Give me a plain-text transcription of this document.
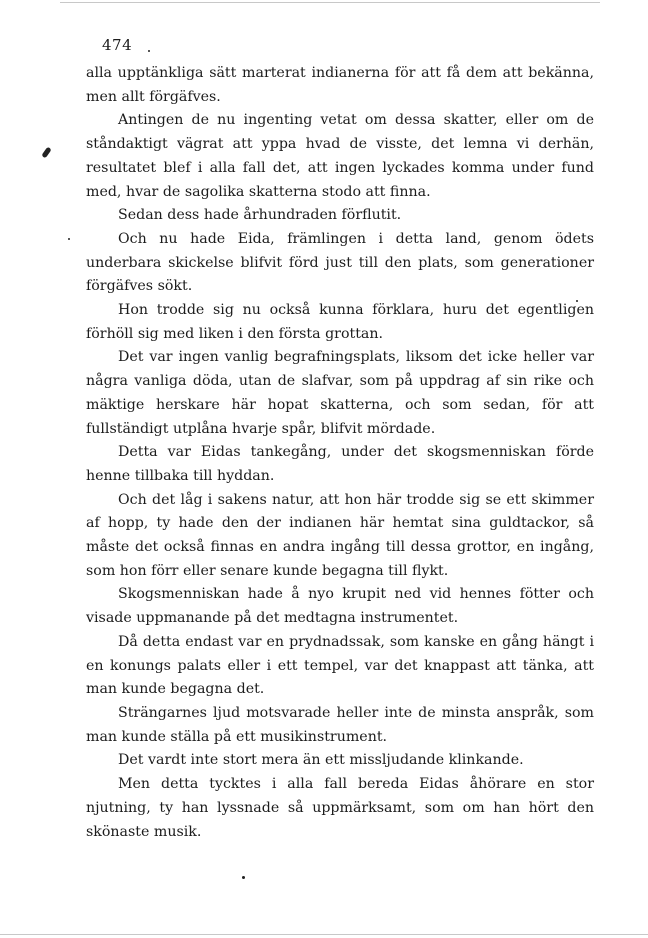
474

alla upptänkliga sätt marterat indianerna för att få dem att bekänna, men allt förgäfves.

Antingen de nu ingenting vetat om dessa skatter, eller om de ståndaktigt vägrat att yppa hvad de visste, det lemna vi derhän, resultatet blef i alla fall det, att ingen lyckades komma under fund med, hvar de sagolika skatterna stodo att finna.

Sedan dess hade århundraden förflutit.

Och nu hade Eida, främlingen i detta land, genom ödets underbara skickelse blifvit förd just till den plats, som generationer förgäfves sökt.

Hon trodde sig nu också kunna förklara, huru det egentligen förhöll sig med liken i den första grottan.

Det var ingen vanlig begrafningsplats, liksom det icke heller var några vanliga döda, utan de slafvar, som på uppdrag af sin rike och mäktige herskare här hopat skatterna, och som sedan, för att fullständigt utplåna hvarje spår, blifvit mördade.

Detta var Eidas tankegång, under det skogsmenniskan förde henne tillbaka till hyddan.

Och det låg i sakens natur, att hon här trodde sig se ett skimmer af hopp, ty hade den der indianen här hemtat sina guldtackor, så måste det också finnas en andra ingång till dessa grottor, en ingång, som hon förr eller senare kunde begagna till flykt.

Skogsmenniskan hade å nyo krupit ned vid hennes fötter och visade uppmanande på det medtagna instrumentet.

Då detta endast var en prydnadssak, som kanske en gång hängt i en konungs palats eller i ett tempel, var det knappast att tänka, att man kunde begagna det.

Strängarnes ljud motsvarade heller inte de minsta anspråk, som man kunde ställa på ett musikinstrument.

Det vardt inte stort mera än ett missljudande klinkande.

Men detta tycktes i alla fall bereda Eidas åhörare en stor njutning, ty han lyssnade så uppmärksamt, som om han hört den skönaste musik.
